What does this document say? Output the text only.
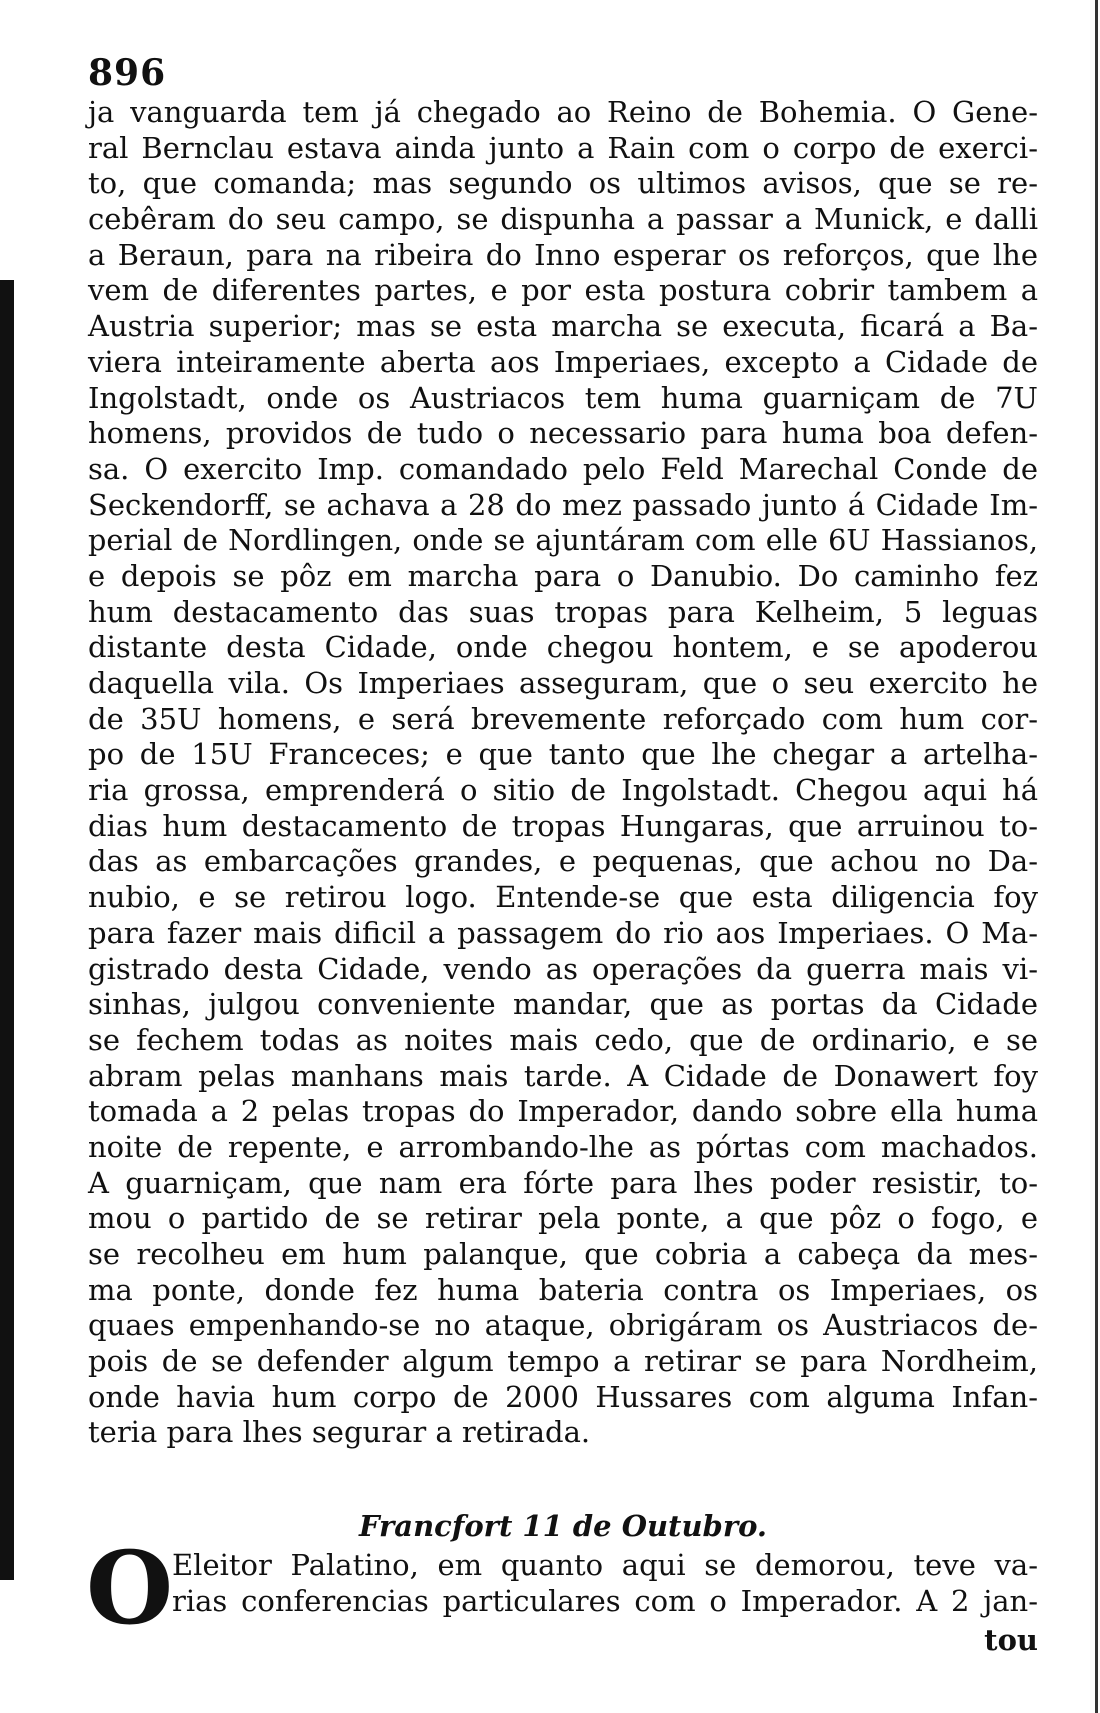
896
ja vanguarda tem já chegado ao Reino de Bohemia. O Gene-
ral Bernclau estava ainda junto a Rain com o corpo de exerci-
to, que comanda; mas segundo os ultimos avisos, que se re-
cebêram do seu campo, se dispunha a passar a Munick, e dalli
a Beraun, para na ribeira do Inno esperar os reforços, que lhe
vem de diferentes partes, e por esta postura cobrir tambem a
Austria superior; mas se esta marcha se executa, ficará a Ba-
viera inteiramente aberta aos Imperiaes, excepto a Cidade de
Ingolstadt, onde os Austriacos tem huma guarniçam de 7U
homens, providos de tudo o necessario para huma boa defen-
sa. O exercito Imp. comandado pelo Feld Marechal Conde de
Seckendorff, se achava a 28 do mez passado junto á Cidade Im-
perial de Nordlingen, onde se ajuntáram com elle 6U Hassianos,
e depois se pôz em marcha para o Danubio. Do caminho fez
hum destacamento das suas tropas para Kelheim, 5 leguas
distante desta Cidade, onde chegou hontem, e se apoderou
daquella vila. Os Imperiaes asseguram, que o seu exercito he
de 35U homens, e será brevemente reforçado com hum cor-
po de 15U Franceces; e que tanto que lhe chegar a artelha-
ria grossa, emprenderá o sitio de Ingolstadt. Chegou aqui há
dias hum destacamento de tropas Hungaras, que arruinou to-
das as embarcações grandes, e pequenas, que achou no Da-
nubio, e se retirou logo. Entende-se que esta diligencia foy
para fazer mais dificil a passagem do rio aos Imperiaes. O Ma-
gistrado desta Cidade, vendo as operações da guerra mais vi-
sinhas, julgou conveniente mandar, que as portas da Cidade
se fechem todas as noites mais cedo, que de ordinario, e se
abram pelas manhans mais tarde. A Cidade de Donawert foy
tomada a 2 pelas tropas do Imperador, dando sobre ella huma
noite de repente, e arrombando-lhe as pórtas com machados.
A guarniçam, que nam era fórte para lhes poder resistir, to-
mou o partido de se retirar pela ponte, a que pôz o fogo, e
se recolheu em hum palanque, que cobria a cabeça da mes-
ma ponte, donde fez huma bateria contra os Imperiaes, os
quaes empenhando-se no ataque, obrigáram os Austriacos de-
pois de se defender algum tempo a retirar se para Nordheim,
onde havia hum corpo de 2000 Hussares com alguma Infan-
teria para lhes segurar a retirada.
Francfort 11 de Outubro.
O
Eleitor Palatino, em quanto aqui se demorou, teve va-
rias conferencias particulares com o Imperador. A 2 jan-
tou
